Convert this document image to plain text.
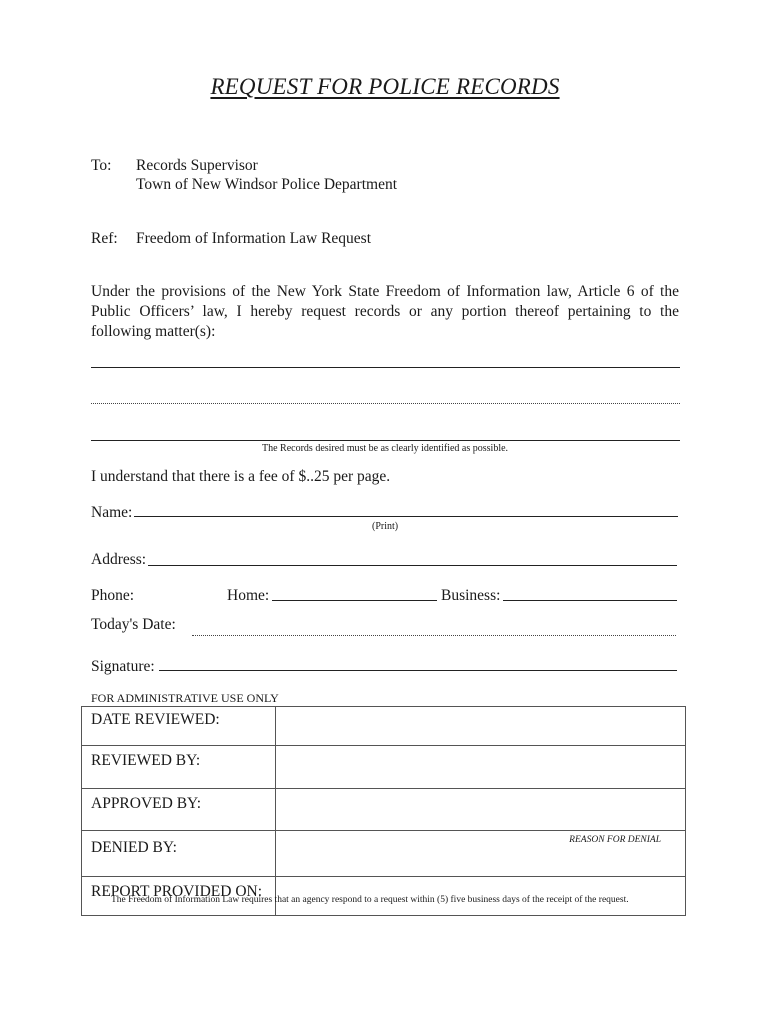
REQUEST FOR POLICE RECORDS
To: Records Supervisor
Town of New Windsor Police Department
Ref: Freedom of Information Law Request
Under the provisions of the New York State Freedom of Information law, Article 6 of the Public Officers’ law, I hereby request records or any portion thereof pertaining to the following matter(s):
The Records desired must be as clearly identified as possible.
I understand that there is a fee of $..25 per page.
Name:
(Print)
Address:
Phone:	Home:	Business:
Today's Date:
Signature:
FOR ADMINISTRATIVE USE ONLY
DATE REVIEWED:	
REVIEWED BY:	
APPROVED BY:	
DENIED BY:	REASON FOR DENIAL

REPORT PROVIDED ON:	
The Freedom of Information Law requires that an agency respond to a request within (5) five business days of the receipt of the request.
